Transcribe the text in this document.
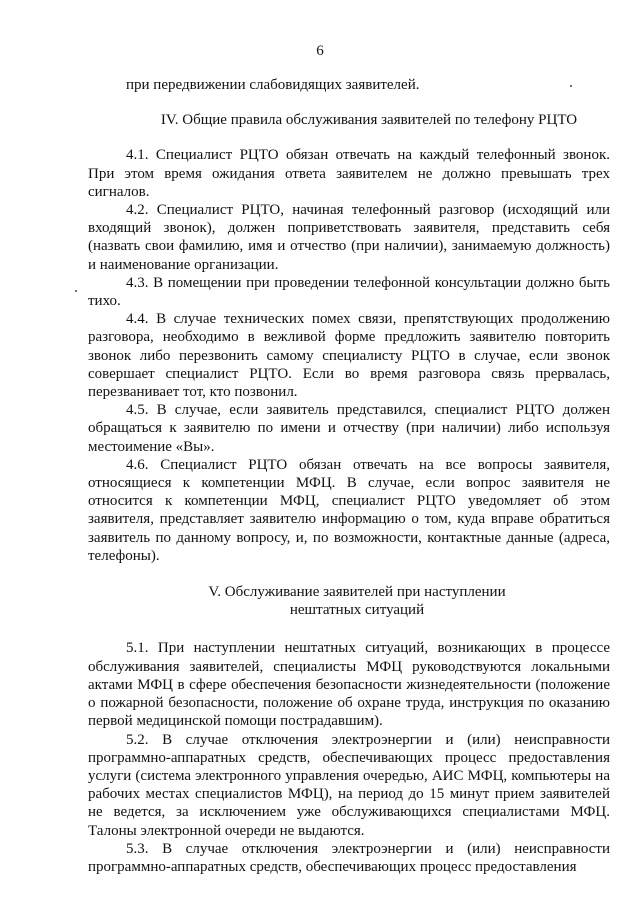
6

при передвижении слабовидящих заявителей.

IV. Общие правила обслуживания заявителей по телефону РЦТО

4.1. Специалист РЦТО обязан отвечать на каждый телефонный звонок. При этом время ожидания ответа заявителем не должно превышать трех сигналов.

4.2. Специалист РЦТО, начиная телефонный разговор (исходящий или входящий звонок), должен поприветствовать заявителя, представить себя (назвать свои фамилию, имя и отчество (при наличии), занимаемую должность) и наименование организации.

4.3. В помещении при проведении телефонной консультации должно быть тихо.

4.4. В случае технических помех связи, препятствующих продолжению разговора, необходимо в вежливой форме предложить заявителю повторить звонок либо перезвонить самому специалисту РЦТО в случае, если звонок совершает специалист РЦТО. Если во время разговора связь прервалась, перезванивает тот, кто позвонил.

4.5. В случае, если заявитель представился, специалист РЦТО должен обращаться к заявителю по имени и отчеству (при наличии) либо используя местоимение «Вы».

4.6. Специалист РЦТО обязан отвечать на все вопросы заявителя, относящиеся к компетенции МФЦ. В случае, если вопрос заявителя не относится к компетенции МФЦ, специалист РЦТО уведомляет об этом заявителя, представляет заявителю информацию о том, куда вправе обратиться заявитель по данному вопросу, и, по возможности, контактные данные (адреса, телефоны).

V. Обслуживание заявителей при наступлении
нештатных ситуаций

5.1. При наступлении нештатных ситуаций, возникающих в процессе обслуживания заявителей, специалисты МФЦ руководствуются локальными актами МФЦ в сфере обеспечения безопасности жизнедеятельности (положение о пожарной безопасности, положение об охране труда, инструкция по оказанию первой медицинской помощи пострадавшим).

5.2. В случае отключения электроэнергии и (или) неисправности программно-аппаратных средств, обеспечивающих процесс предоставления услуги (система электронного управления очередью, АИС МФЦ, компьютеры на рабочих местах специалистов МФЦ), на период до 15 минут прием заявителей не ведется, за исключением уже обслуживающихся специалистами МФЦ. Талоны электронной очереди не выдаются.

5.3. В случае отключения электроэнергии и (или) неисправности программно-аппаратных средств, обеспечивающих процесс предоставления
